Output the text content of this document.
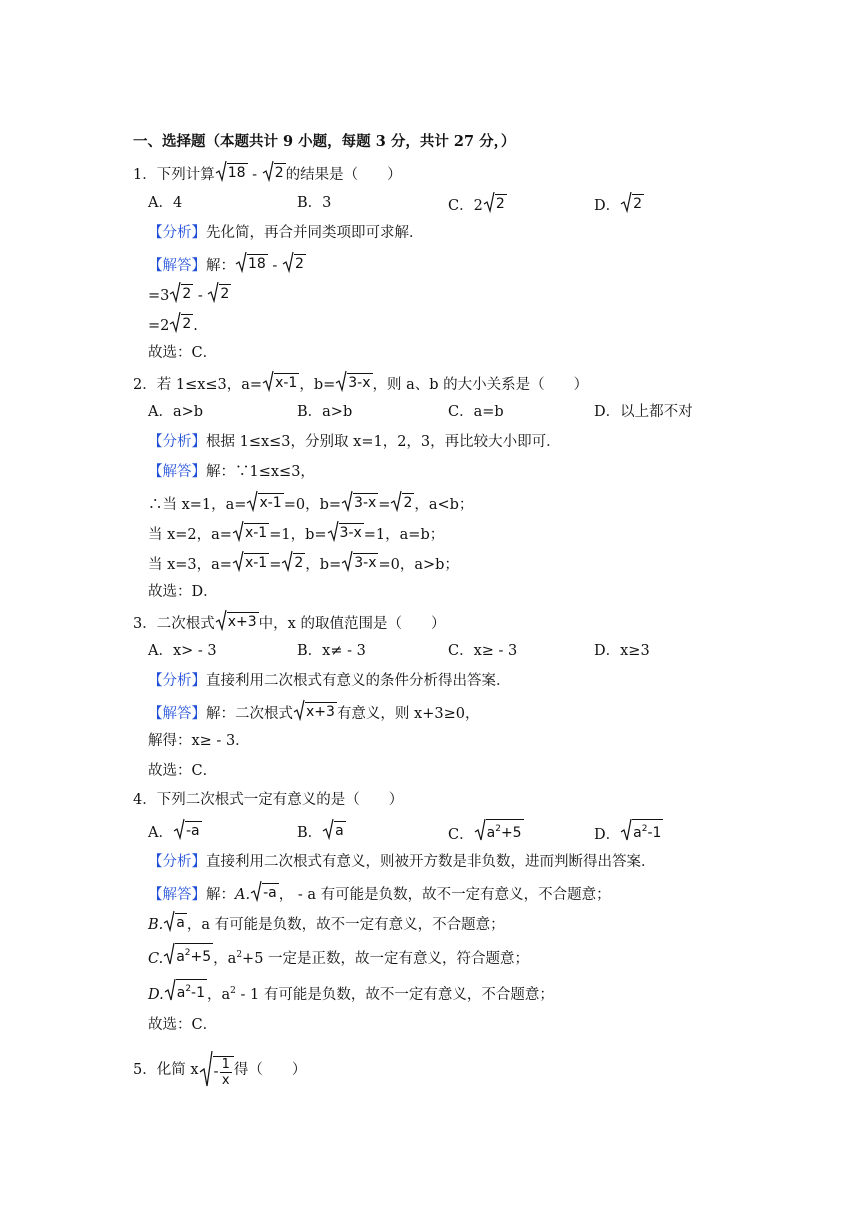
一、选择题（本题共计 9 小题，每题 3 分，共计 27 分，）
1．下列计算 18 - 2 的结果是（　　）
A．4	B．3	C．2 2	D． 2
【分析】先化简，再合并同类项即可求解．
【解答】解： 18 - 2
=3 2 - 2
=2 2 .
故选：C．
2．若 1≤x≤3，a= x-1 ，b= 3-x ，则 a、b 的大小关系是（　　）
A．a>b	B．a>b	C．a=b	D．以上都不对
【分析】根据 1≤x≤3，分别取 x=1，2，3，再比较大小即可．
【解答】解：∵1≤x≤3，
∴当 x=1，a= x-1 =0，b= 3-x = 2 ，a<b；
当 x=2，a= x-1 =1，b= 3-x =1，a=b；
当 x=3，a= x-1 = 2 ，b= 3-x =0，a>b；
故选：D．
3．二次根式 x+3 中，x 的取值范围是（　　）
A．x> - 3	B．x≠ - 3	C．x≥ - 3	D．x≥3
【分析】直接利用二次根式有意义的条件分析得出答案．
【解答】解：二次根式 x+3 有意义，则 x+3≥0，
解得：x≥ - 3．
故选：C．
4．下列二次根式一定有意义的是（　　）
A． -a	B． a	C． $a^2+5$	D． $a^2-1$
【分析】直接利用二次根式有意义，则被开方数是非负数，进而判断得出答案．
【解答】解：A. -a ， - a 有可能是负数，故不一定有意义，不合题意；
B. a ，a 有可能是负数，故不一定有意义，不合题意；
C. $a^2+5$ ，$a^2+5$ 一定是正数，故一定有意义，符合题意；
D. $a^2-1$ ，$a^2 - 1$ 有可能是负数，故不一定有意义，不合题意；
故选：C．
5．化简 x - $\frac{1}{x}$ 得（　　）
